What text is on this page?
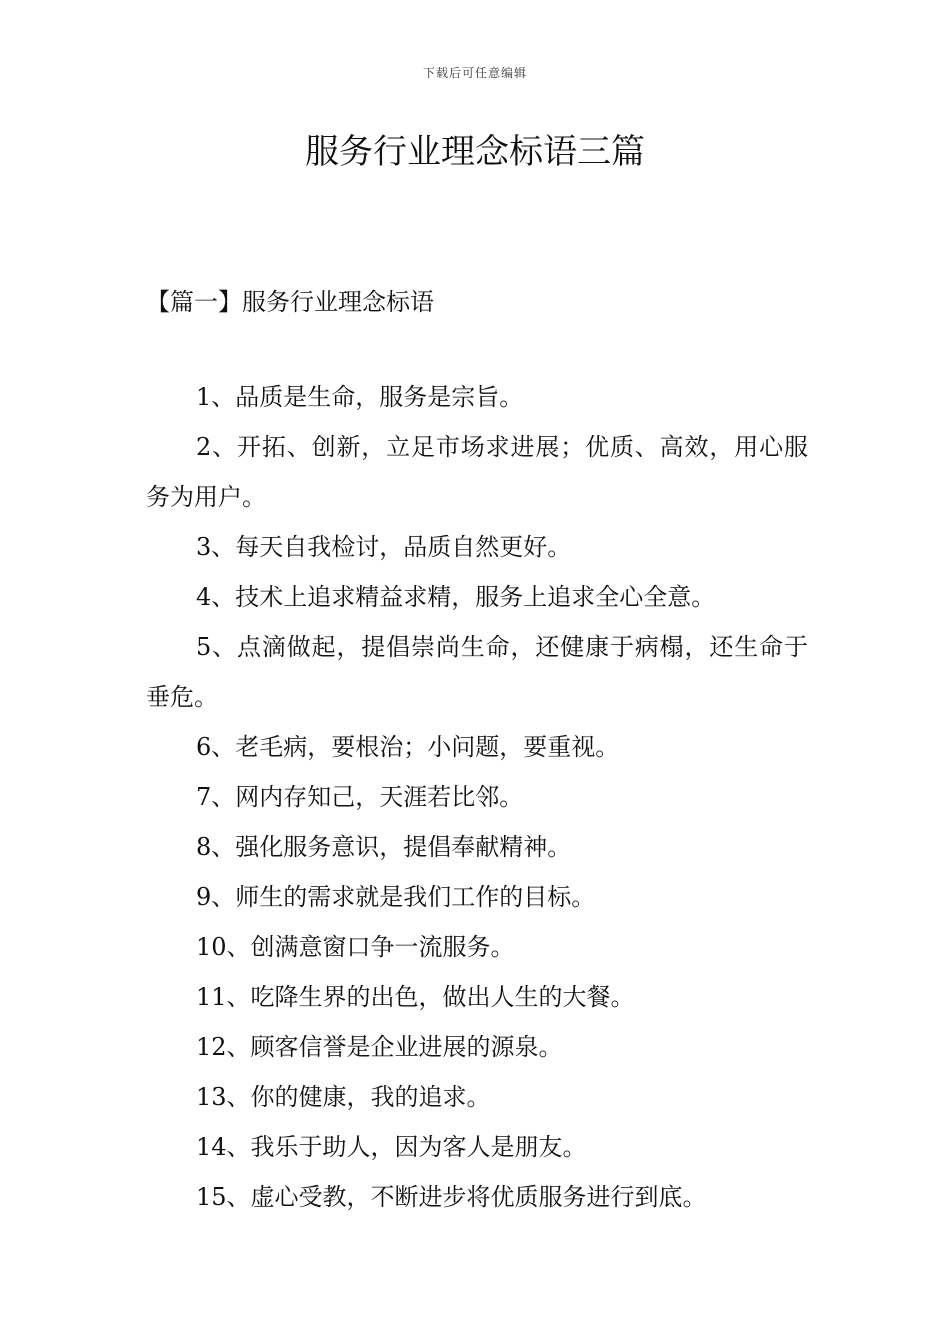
下载后可任意编辑
服务行业理念标语三篇
【篇一】服务行业理念标语
1、品质是生命，服务是宗旨。
2、开拓、创新，立足市场求进展；优质、高效，用心服务为用户。
3、每天自我检讨，品质自然更好。
4、技术上追求精益求精，服务上追求全心全意。
5、点滴做起，提倡崇尚生命，还健康于病榻，还生命于垂危。
6、老毛病，要根治；小问题，要重视。
7、网内存知己，天涯若比邻。
8、强化服务意识，提倡奉献精神。
9、师生的需求就是我们工作的目标。
10、创满意窗口争一流服务。
11、吃降生界的出色，做出人生的大餐。
12、顾客信誉是企业进展的源泉。
13、你的健康，我的追求。
14、我乐于助人，因为客人是朋友。
15、虚心受教，不断进步将优质服务进行到底。
